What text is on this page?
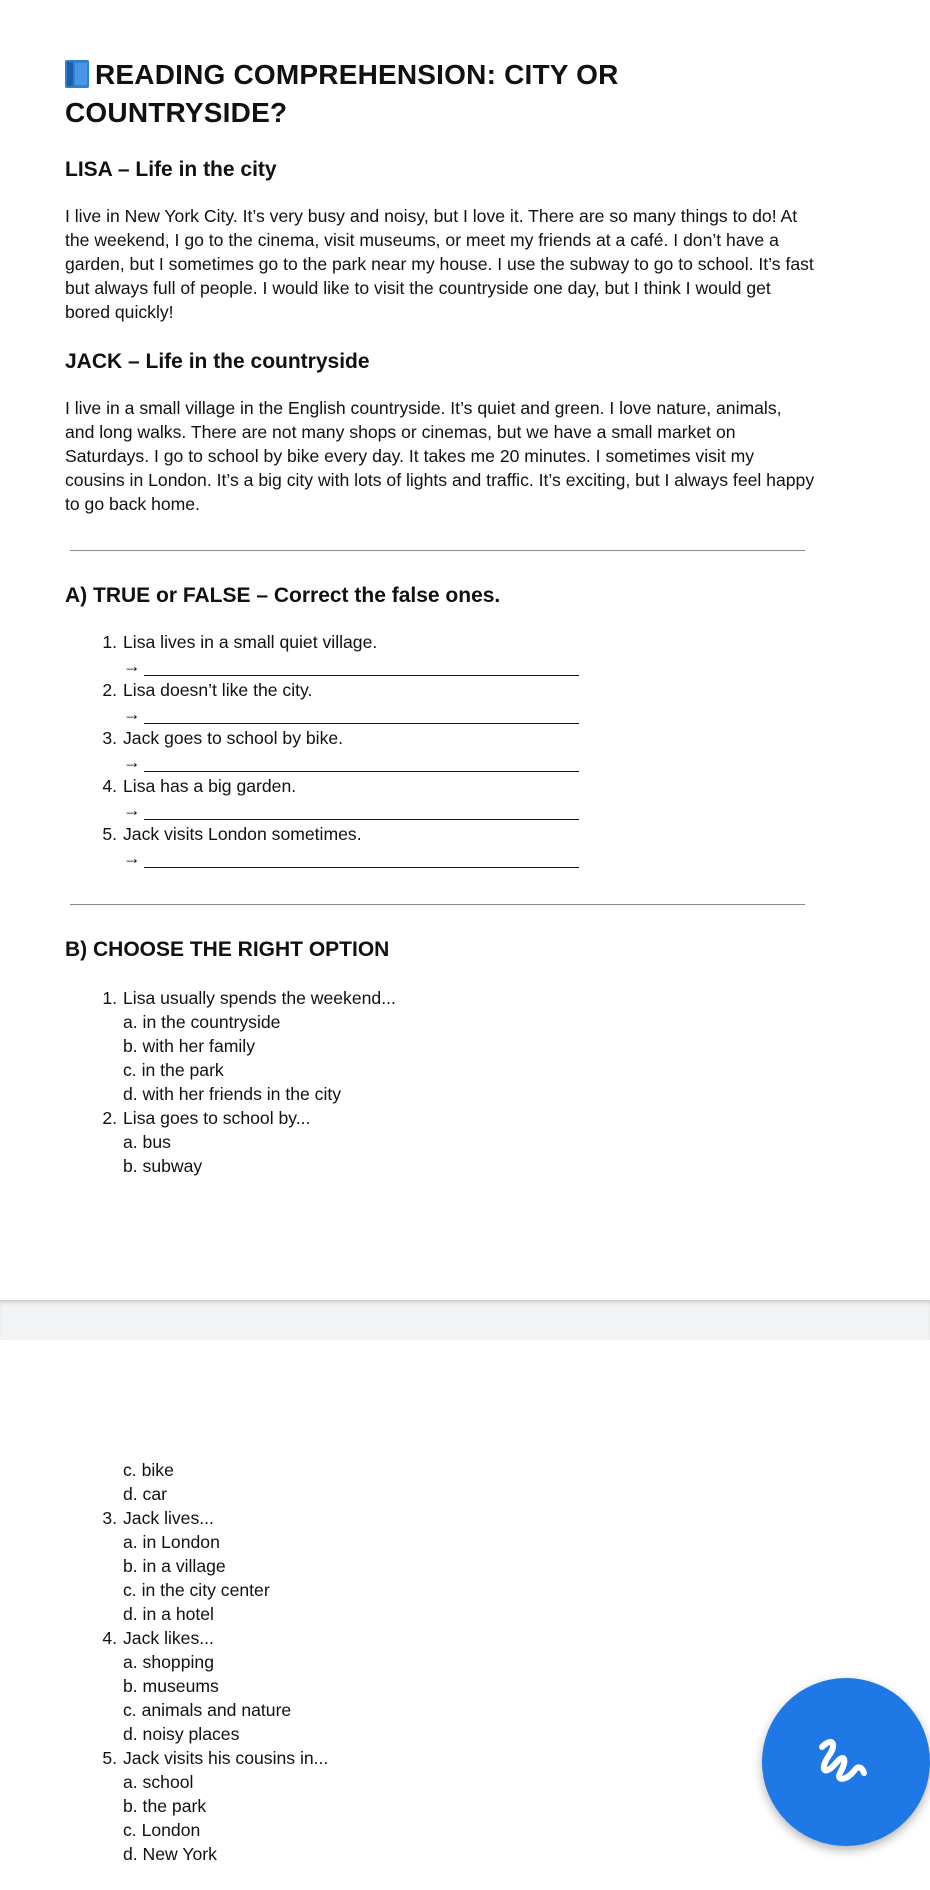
READING COMPREHENSION: CITY OR COUNTRYSIDE?
LISA – Life in the city

I live in New York City. It’s very busy and noisy, but I love it. There are so many things to do! At the weekend, I go to the cinema, visit museums, or meet my friends at a café. I don’t have a garden, but I sometimes go to the park near my house. I use the subway to go to school. It’s fast but always full of people. I would like to visit the countryside one day, but I think I would get bored quickly!

JACK – Life in the countryside

I live in a small village in the English countryside. It’s quiet and green. I love nature, animals, and long walks. There are not many shops or cinemas, but we have a small market on Saturdays. I go to school by bike every day. It takes me 20 minutes. I sometimes visit my cousins in London. It’s a big city with lots of lights and traffic. It’s exciting, but I always feel happy to go back home.

A) TRUE or FALSE – Correct the false ones.
1. Lisa lives in a small quiet village.
→
2. Lisa doesn’t like the city.
→
3. Jack goes to school by bike.
→
4. Lisa has a big garden.
→
5. Jack visits London sometimes.
→
B) CHOOSE THE RIGHT OPTION
1. Lisa usually spends the weekend...
a. in the countryside
b. with her family
c. in the park
d. with her friends in the city
2. Lisa goes to school by...
a. bus
b. subway
c. bike
d. car
3. Jack lives...
a. in London
b. in a village
c. in the city center
d. in a hotel
4. Jack likes...
a. shopping
b. museums
c. animals and nature
d. noisy places
5. Jack visits his cousins in...
a. school
b. the park
c. London
d. New York
